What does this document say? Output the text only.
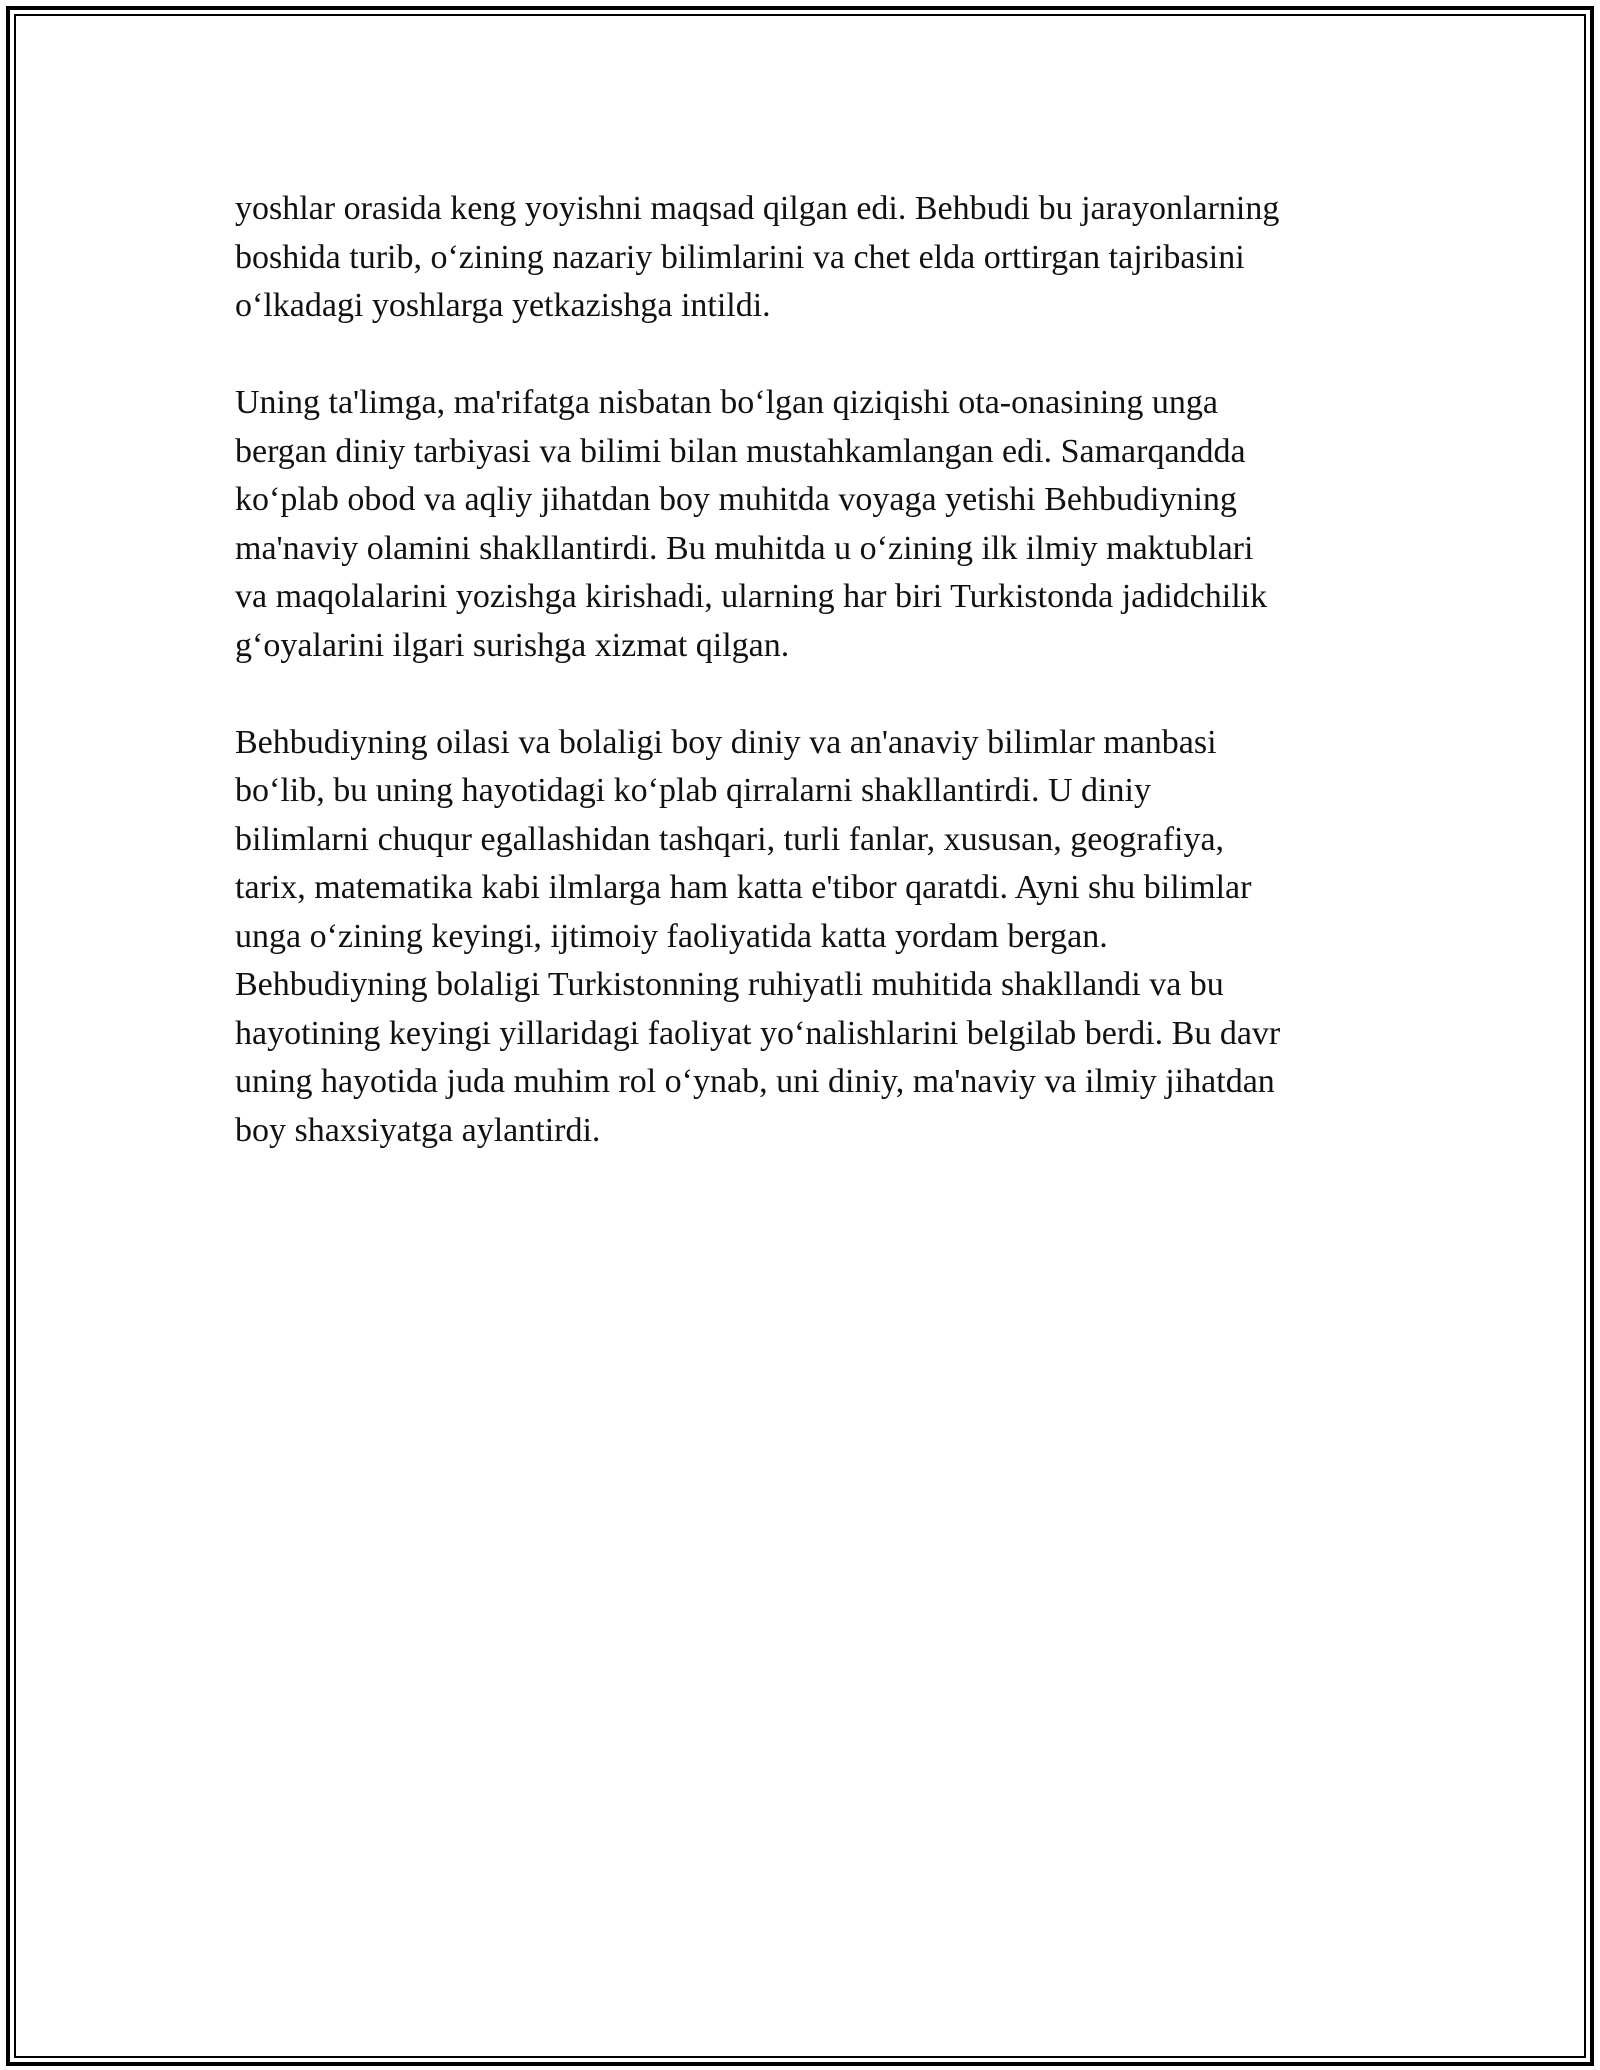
yoshlar orasida keng yoyishni maqsad qilgan edi. Behbudi bu jarayonlarning
boshida turib, o‘zining nazariy bilimlarini va chet elda orttirgan tajribasini
o‘lkadagi yoshlarga yetkazishga intildi.

Uning ta'limga, ma'rifatga nisbatan bo‘lgan qiziqishi ota-onasining unga
bergan diniy tarbiyasi va bilimi bilan mustahkamlangan edi. Samarqandda
ko‘plab obod va aqliy jihatdan boy muhitda voyaga yetishi Behbudiyning
ma'naviy olamini shakllantirdi. Bu muhitda u o‘zining ilk ilmiy maktublari
va maqolalarini yozishga kirishadi, ularning har biri Turkistonda jadidchilik
g‘oyalarini ilgari surishga xizmat qilgan.

Behbudiyning oilasi va bolaligi boy diniy va an'anaviy bilimlar manbasi
bo‘lib, bu uning hayotidagi ko‘plab qirralarni shakllantirdi. U diniy
bilimlarni chuqur egallashidan tashqari, turli fanlar, xususan, geografiya,
tarix, matematika kabi ilmlarga ham katta e'tibor qaratdi. Ayni shu bilimlar
unga o‘zining keyingi, ijtimoiy faoliyatida katta yordam bergan.
Behbudiyning bolaligi Turkistonning ruhiyatli muhitida shakllandi va bu
hayotining keyingi yillaridagi faoliyat yo‘nalishlarini belgilab berdi. Bu davr
uning hayotida juda muhim rol o‘ynab, uni diniy, ma'naviy va ilmiy jihatdan
boy shaxsiyatga aylantirdi.
